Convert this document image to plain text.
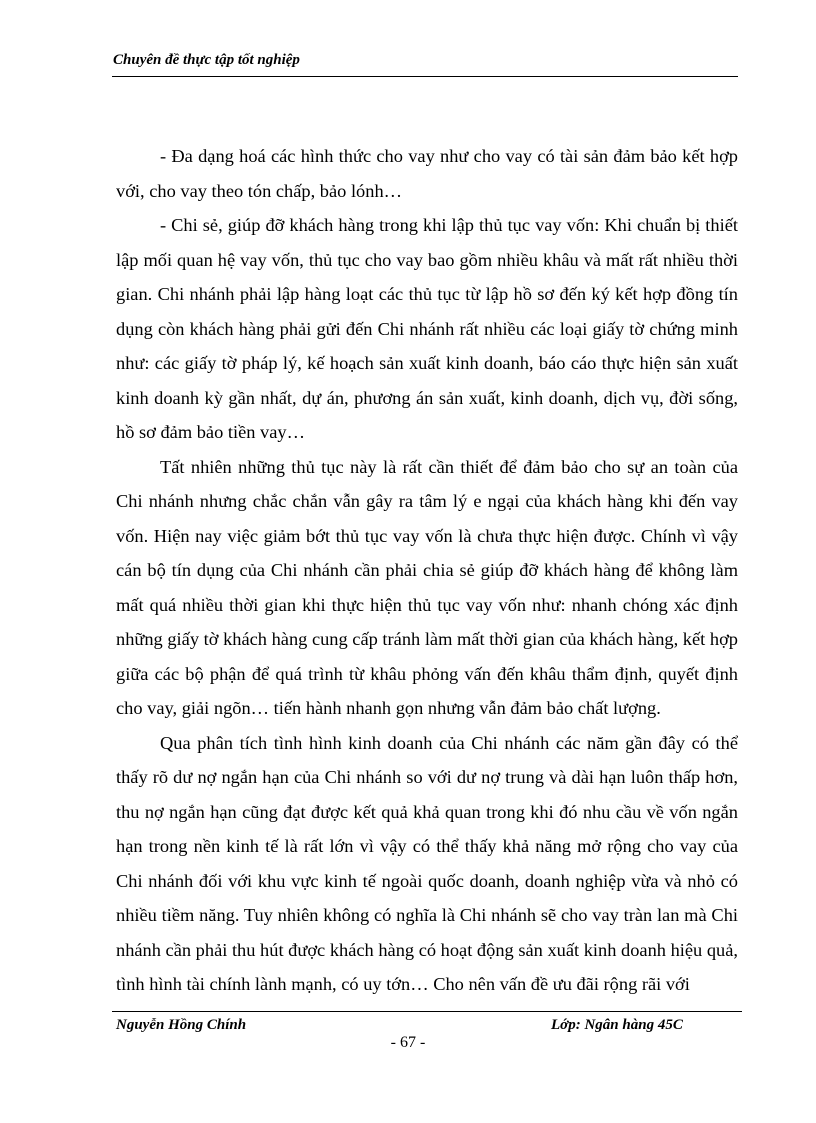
Chuyên đề thực tập tốt nghiệp

- Đa dạng hoá các hình thức cho vay như cho vay có tài sản đảm bảo kết hợp với, cho vay theo tón chấp, bảo lónh…

- Chi sẻ, giúp đỡ khách hàng trong khi lập thủ tục vay vốn: Khi chuẩn bị thiết lập mối quan hệ vay vốn, thủ tục cho vay bao gồm nhiều khâu và mất rất nhiều thời gian. Chi nhánh phải lập hàng loạt các thủ tục từ lập hồ sơ đến ký kết hợp đồng tín dụng còn khách hàng phải gửi đến Chi nhánh rất nhiều các loại giấy tờ chứng minh như: các giấy tờ pháp lý, kế hoạch sản xuất kinh doanh, báo cáo thực hiện sản xuất kinh doanh kỳ gần nhất, dự án, phương án sản xuất, kinh doanh, dịch vụ, đời sống, hồ sơ đảm bảo tiền vay…

Tất nhiên những thủ tục này là rất cần thiết để đảm bảo cho sự an toàn của Chi nhánh nhưng chắc chắn vẫn gây ra tâm lý e ngại của khách hàng khi đến vay vốn. Hiện nay việc giảm bớt thủ tục vay vốn là chưa thực hiện được. Chính vì vậy cán bộ tín dụng của Chi nhánh cần phải chia sẻ giúp đỡ khách hàng để không làm mất quá nhiều thời gian khi thực hiện thủ tục vay vốn như: nhanh chóng xác định những giấy tờ khách hàng cung cấp tránh làm mất thời gian của khách hàng, kết hợp giữa các bộ phận để quá trình từ khâu phỏng vấn đến khâu thẩm định, quyết định cho vay, giải ngõn… tiến hành nhanh gọn nhưng vẫn đảm bảo chất lượng.

Qua phân tích tình hình kinh doanh của Chi nhánh các năm gần đây có thể thấy rõ dư nợ ngắn hạn của Chi nhánh so với dư nợ trung và dài hạn luôn thấp hơn, thu nợ ngắn hạn cũng đạt được kết quả khả quan trong khi đó nhu cầu về vốn ngắn hạn trong nền kinh tế là rất lớn vì vậy có thể thấy khả năng mở rộng cho vay của Chi nhánh đối với khu vực kinh tế ngoài quốc doanh, doanh nghiệp vừa và nhỏ có nhiều tiềm năng. Tuy nhiên không có nghĩa là Chi nhánh sẽ cho vay tràn lan mà Chi nhánh cần phải thu hút được khách hàng có hoạt động sản xuất kinh doanh hiệu quả, tình hình tài chính lành mạnh, có uy tớn… Cho nên vấn đề ưu đãi rộng rãi với

Nguyễn Hồng Chính	Lớp: Ngân hàng 45C
- 67 -
